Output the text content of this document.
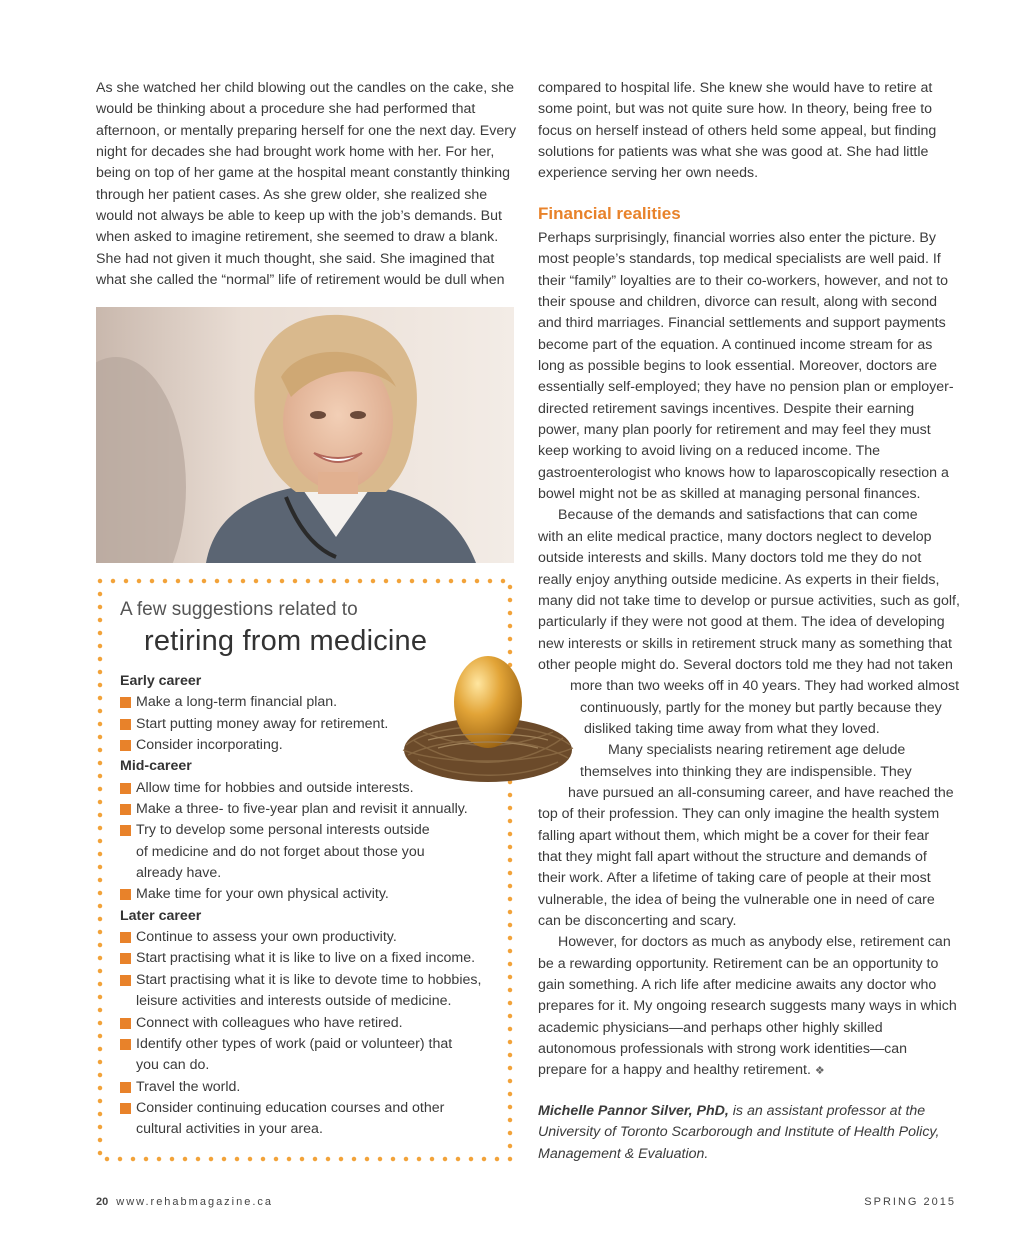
As she watched her child blowing out the candles on the cake, she would be thinking about a procedure she had performed that afternoon, or mentally preparing herself for one the next day. Every night for decades she had brought work home with her. For her, being on top of her game at the hospital meant constantly thinking through her patient cases. As she grew older, she realized she would not always be able to keep up with the job’s demands. But when asked to imagine retirement, she seemed to draw a blank. She had not given it much thought, she said. She imagined that what she called the “normal” life of retirement would be dull when

A few suggestions related to
retiring from medicine

Early career

Make a long-term financial plan.

Start putting money away for retirement.

Consider incorporating.

Mid-career

Allow time for hobbies and outside interests.

Make a three- to five-year plan and revisit it annually.

Try to develop some personal interests outside of medicine and do not forget about those you already have.

Make time for your own physical activity.

Later career

Continue to assess your own productivity.

Start practising what it is like to live on a fixed income.

Start practising what it is like to devote time to hobbies, leisure activities and interests outside of medicine.

Connect with colleagues who have retired.

Identify other types of work (paid or volunteer) that you can do.

Travel the world.

Consider continuing education courses and other cultural activities in your area.

compared to hospital life. She knew she would have to retire at some point, but was not quite sure how. In theory, being free to focus on herself instead of others held some appeal, but finding solutions for patients was what she was good at. She had little experience serving her own needs.

Financial realities

Perhaps surprisingly, financial worries also enter the picture. By most people’s standards, top medical specialists are well paid. If their “family” loyalties are to their co-workers, however, and not to their spouse and children, divorce can result, along with second and third marriages. Financial settlements and support payments become part of the equation. A continued income stream for as long as possible begins to look essential. Moreover, doctors are essentially self-employed; they have no pension plan or employer-directed retirement savings incentives. Despite their earning power, many plan poorly for retirement and may feel they must keep working to avoid living on a reduced income. The gastroenterologist who knows how to laparoscopically resection a bowel might not be as skilled at managing personal finances.

Because of the demands and satisfactions that can come
with an elite medical practice, many doctors neglect to develop
outside interests and skills. Many doctors told me they do not
really enjoy anything outside medicine. As experts in their fields,
many did not take time to develop or pursue activities, such as golf,
particularly if they were not good at them. The idea of developing
new interests or skills in retirement struck many as something that
other people might do. Several doctors told me they had not taken
more than two weeks off in 40 years. They had worked almost
continuously, partly for the money but partly because they
disliked taking time away from what they loved.

Many specialists nearing retirement age delude
themselves into thinking they are indispensible. They
have pursued an all-consuming career, and have reached the
top of their profession. They can only imagine the health system
falling apart without them, which might be a cover for their fear
that they might fall apart without the structure and demands of
their work. After a lifetime of taking care of people at their most
vulnerable, the idea of being the vulnerable one in need of care
can be disconcerting and scary.

However, for doctors as much as anybody else, retirement can be a rewarding opportunity. Retirement can be an opportunity to gain something. A rich life after medicine awaits any doctor who prepares for it. My ongoing research suggests many ways in which academic physicians—and perhaps other highly skilled autonomous professionals with strong work identities—can prepare for a happy and healthy retirement. ❖

Michelle Pannor Silver, PhD, is an assistant professor at the University of Toronto Scarborough and Institute of Health Policy, Management & Evaluation.
20 www.rehabmagazine.ca	SPRING 2015
